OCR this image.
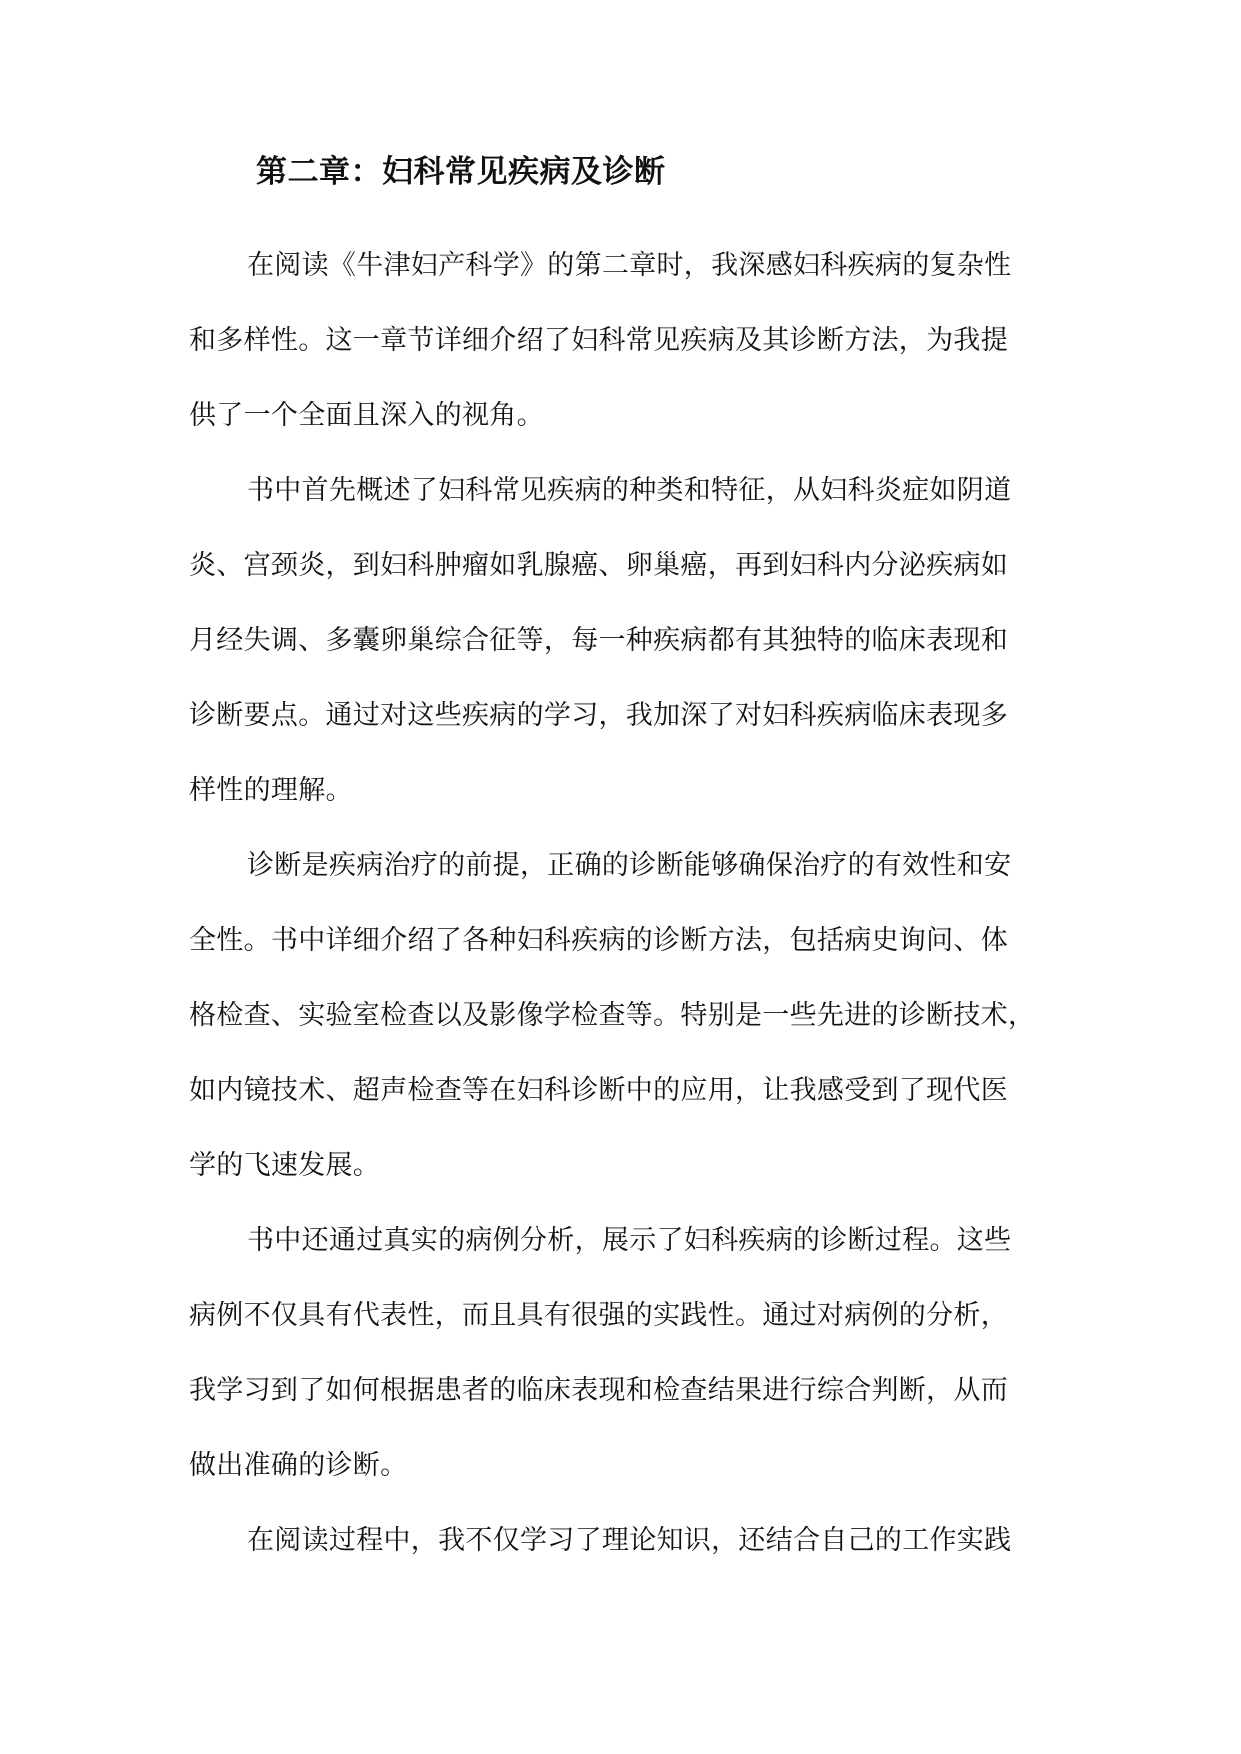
第二章：妇科常见疾病及诊断

在阅读《牛津妇产科学》的第二章时，我深感妇科疾病的复杂性
和多样性。这一章节详细介绍了妇科常见疾病及其诊断方法，为我提
供了一个全面且深入的视角。

书中首先概述了妇科常见疾病的种类和特征，从妇科炎症如阴道
炎、宫颈炎，到妇科肿瘤如乳腺癌、卵巢癌，再到妇科内分泌疾病如
月经失调、多囊卵巢综合征等，每一种疾病都有其独特的临床表现和
诊断要点。通过对这些疾病的学习，我加深了对妇科疾病临床表现多
样性的理解。

诊断是疾病治疗的前提，正确的诊断能够确保治疗的有效性和安
全性。书中详细介绍了各种妇科疾病的诊断方法，包括病史询问、体
格检查、实验室检查以及影像学检查等。特别是一些先进的诊断技术，
如内镜技术、超声检查等在妇科诊断中的应用，让我感受到了现代医
学的飞速发展。

书中还通过真实的病例分析，展示了妇科疾病的诊断过程。这些
病例不仅具有代表性，而且具有很强的实践性。通过对病例的分析，
我学习到了如何根据患者的临床表现和检查结果进行综合判断，从而
做出准确的诊断。

在阅读过程中，我不仅学习了理论知识，还结合自己的工作实践
